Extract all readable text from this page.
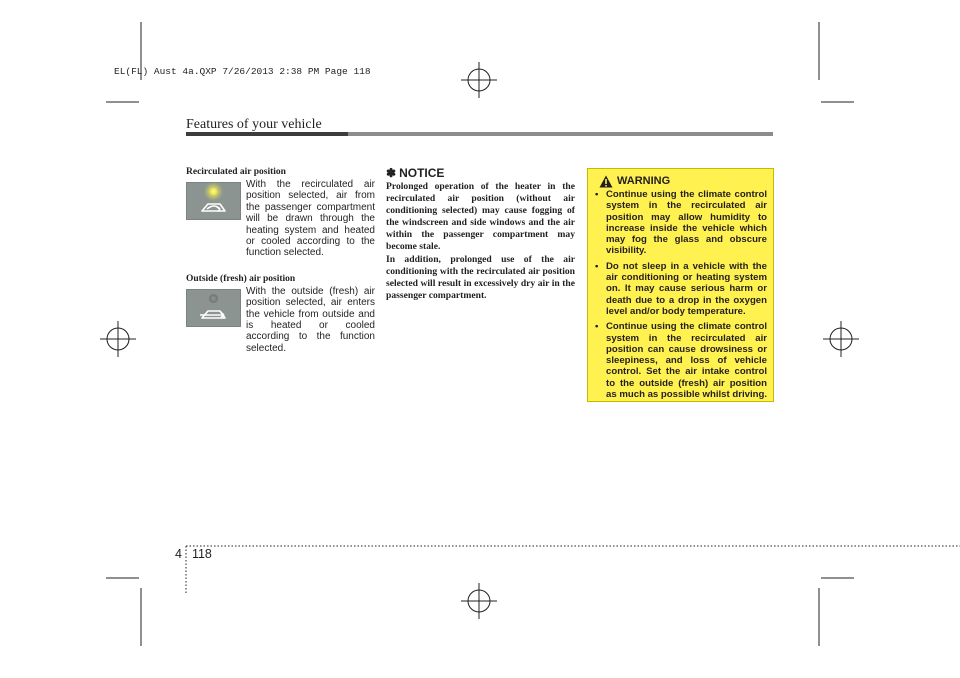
EL(FL) Aust 4a.QXP 7/26/2013 2:38 PM Page 118
Features of your vehicle
Recirculated air position
With the recirculated air position selected, air from the passenger compartment will be drawn through the heating system and heated or cooled according to the function selected.
Outside (fresh) air position
With the outside (fresh) air position selected, air enters the vehicle from outside and is heated or cooled according to the function selected.
✽ NOTICE

Prolonged operation of the heater in the recirculated air position (without air conditioning selected) may cause fogging of the windscreen and side windows and the air within the passenger compartment may become stale.

In addition, prolonged use of the air conditioning with the recirculated air position selected will result in excessively dry air in the passenger compartment.

WARNING
• Continue using the climate control system in the recirculated air position may allow humidity to increase inside the vehicle which may fog the glass and obscure visibility.
• Do not sleep in a vehicle with the air conditioning or heating system on. It may cause serious harm or death due to a drop in the oxygen level and/or body temperature.
• Continue using the climate control system in the recirculated air position can cause drowsiness or sleepiness, and loss of vehicle control. Set the air intake control to the outside (fresh) air position as much as possible whilst driving.
4 118
